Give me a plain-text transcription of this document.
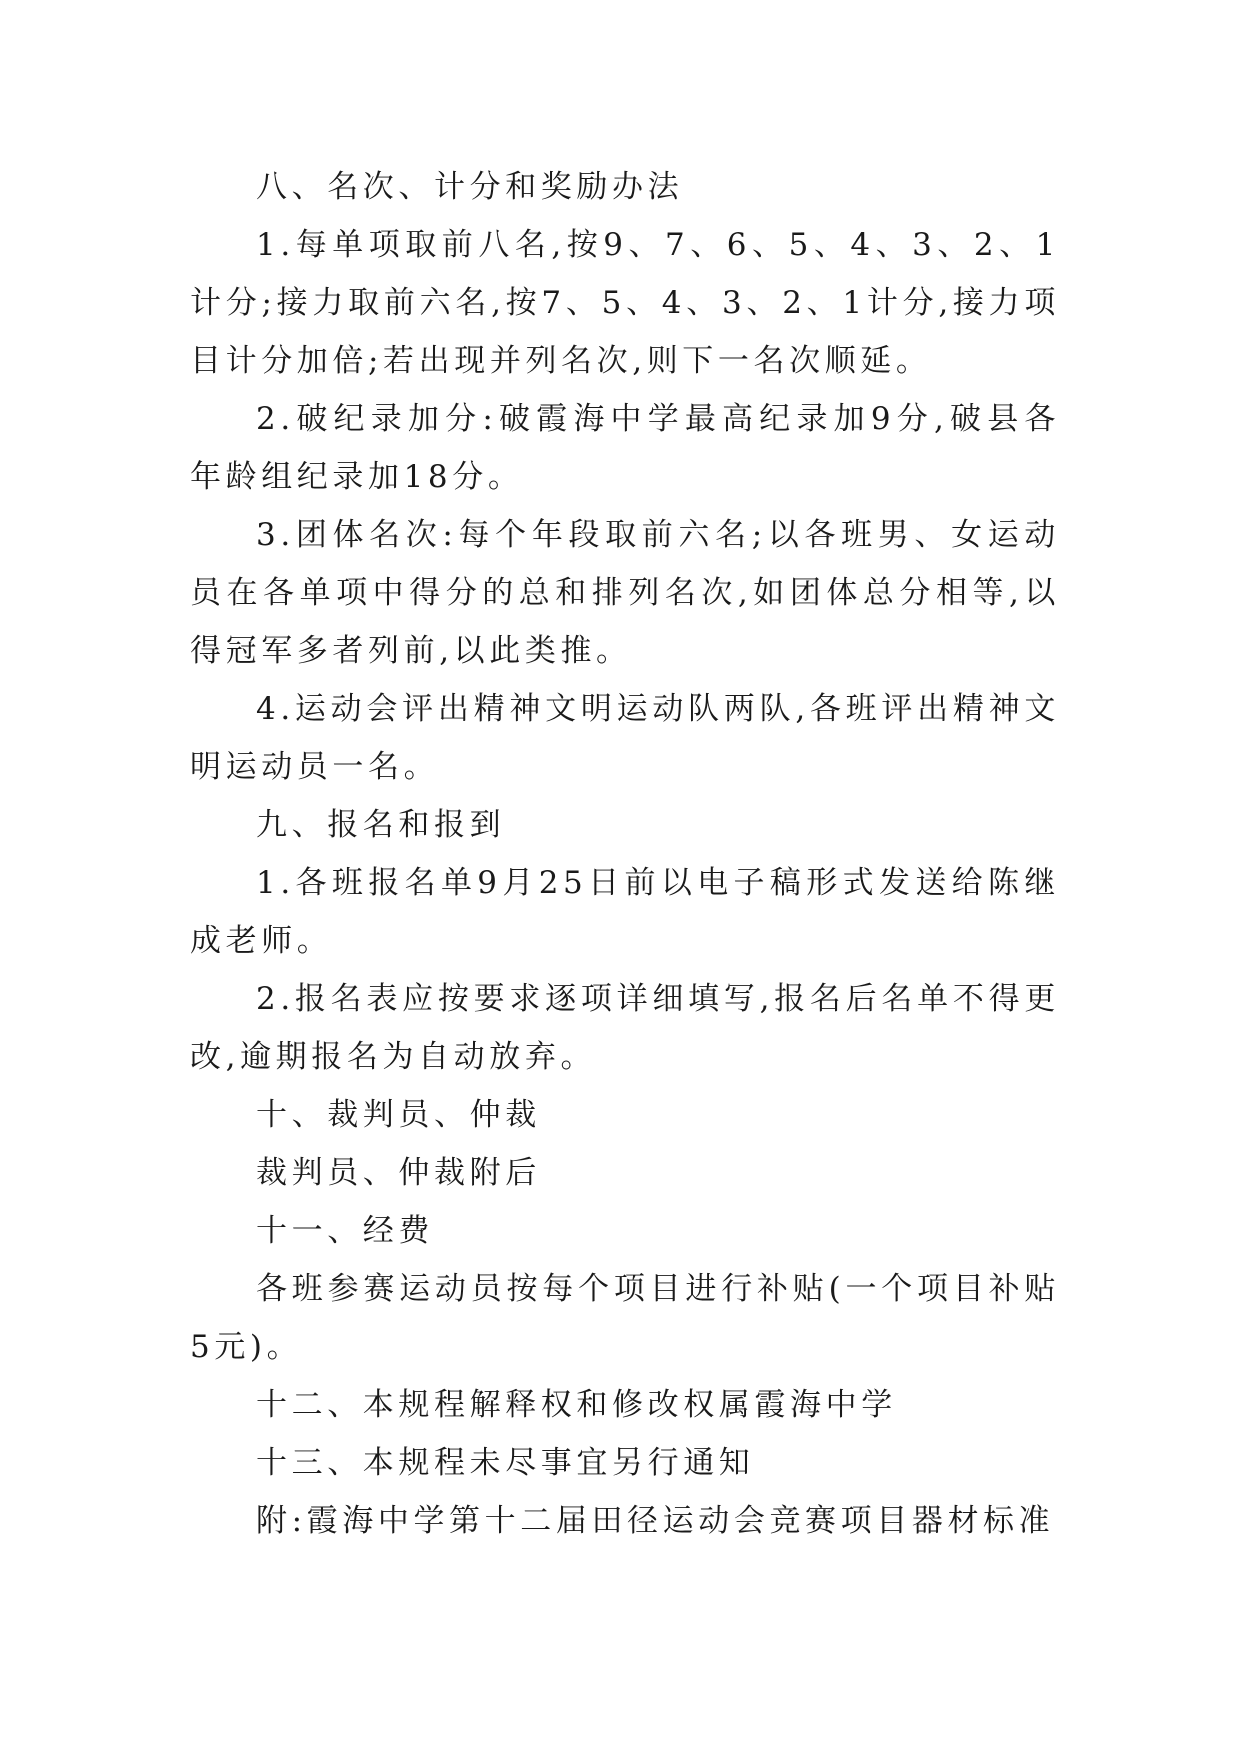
八、名次、计分和奖励办法

1.每单项取前八名,按9、7、6、5、4、3、2、1计分;接力取前六名,按7、5、4、3、2、1计分,接力项目计分加倍;若出现并列名次,则下一名次顺延。

2.破纪录加分:破霞海中学最高纪录加9分,破县各年龄组纪录加18分。

3.团体名次:每个年段取前六名;以各班男、女运动员在各单项中得分的总和排列名次,如团体总分相等,以得冠军多者列前,以此类推。

4.运动会评出精神文明运动队两队,各班评出精神文明运动员一名。

九、报名和报到

1.各班报名单9月25日前以电子稿形式发送给陈继成老师。

2.报名表应按要求逐项详细填写,报名后名单不得更改,逾期报名为自动放弃。

十、裁判员、仲裁

裁判员、仲裁附后

十一、经费

各班参赛运动员按每个项目进行补贴(一个项目补贴5元)。

十二、本规程解释权和修改权属霞海中学

十三、本规程未尽事宜另行通知

附:霞海中学第十二届田径运动会竞赛项目器材标准
